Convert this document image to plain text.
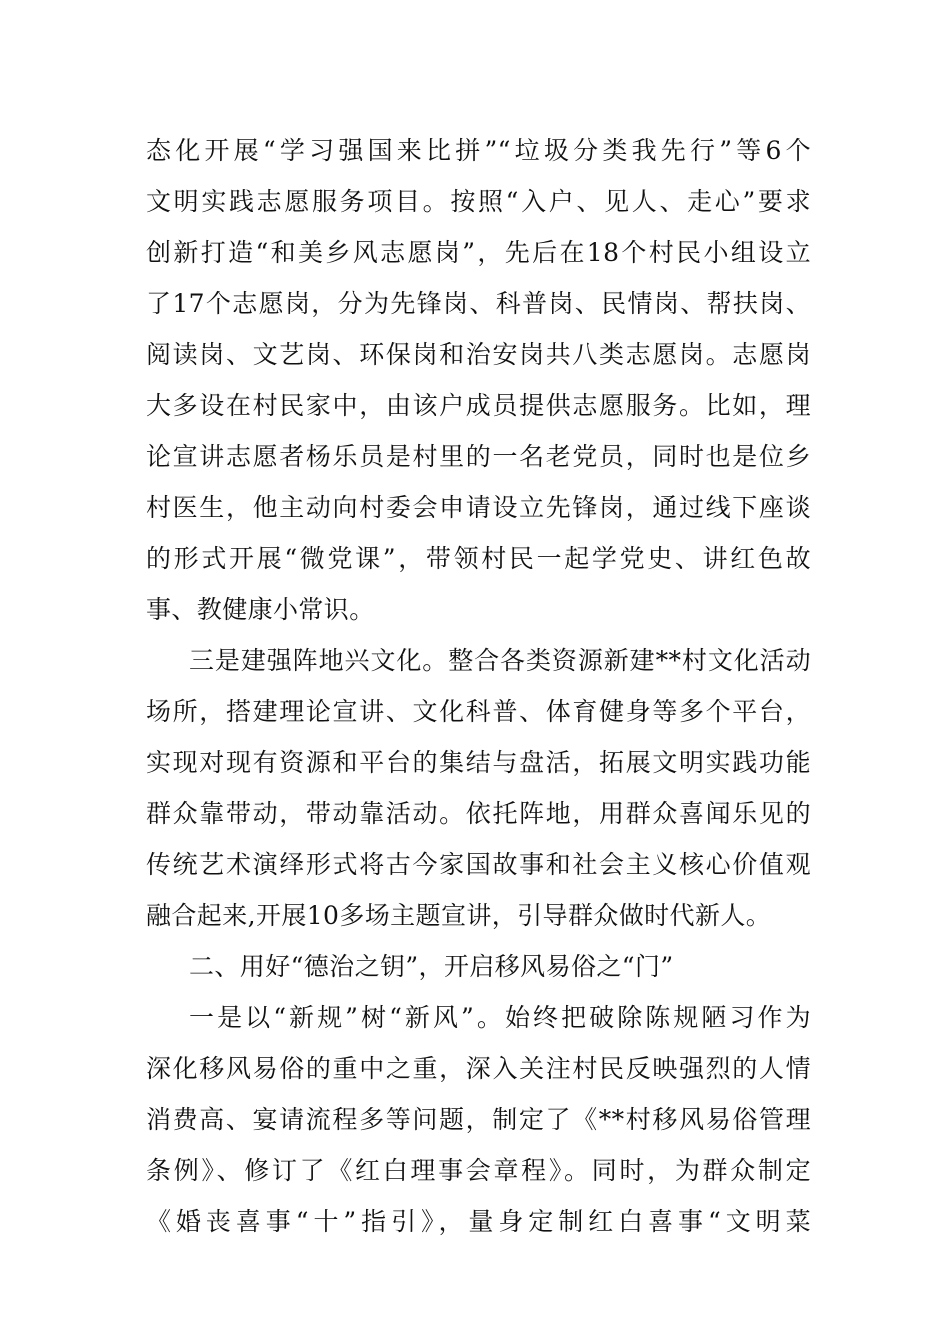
态化开展“学习强国来比拼”“垃圾分类我先行”等6个
文明实践志愿服务项目。按照“入户、见人、走心”要求
创新打造“和美乡风志愿岗”，先后在18个村民小组设立
了17个志愿岗，分为先锋岗、科普岗、民情岗、帮扶岗、
阅读岗、文艺岗、环保岗和治安岗共八类志愿岗。志愿岗
大多设在村民家中，由该户成员提供志愿服务。比如，理
论宣讲志愿者杨乐员是村里的一名老党员，同时也是位乡
村医生，他主动向村委会申请设立先锋岗，通过线下座谈
的形式开展“微党课”，带领村民一起学党史、讲红色故
事、教健康小常识。
三是建强阵地兴文化。整合各类资源新建**村文化活动
场所，搭建理论宣讲、文化科普、体育健身等多个平台，
实现对现有资源和平台的集结与盘活，拓展文明实践功能
群众靠带动，带动靠活动。依托阵地，用群众喜闻乐见的
传统艺术演绎形式将古今家国故事和社会主义核心价值观
融合起来,开展10多场主题宣讲，引导群众做时代新人。
二、用好“德治之钥”，开启移风易俗之“门”
一是以“新规”树“新风”。始终把破除陈规陋习作为
深化移风易俗的重中之重，深入关注村民反映强烈的人情
消费高、宴请流程多等问题，制定了《**村移风易俗管理
条例》、修订了《红白理事会章程》。同时，为群众制定
《婚丧喜事“十”指引》，量身定制红白喜事“文明菜
